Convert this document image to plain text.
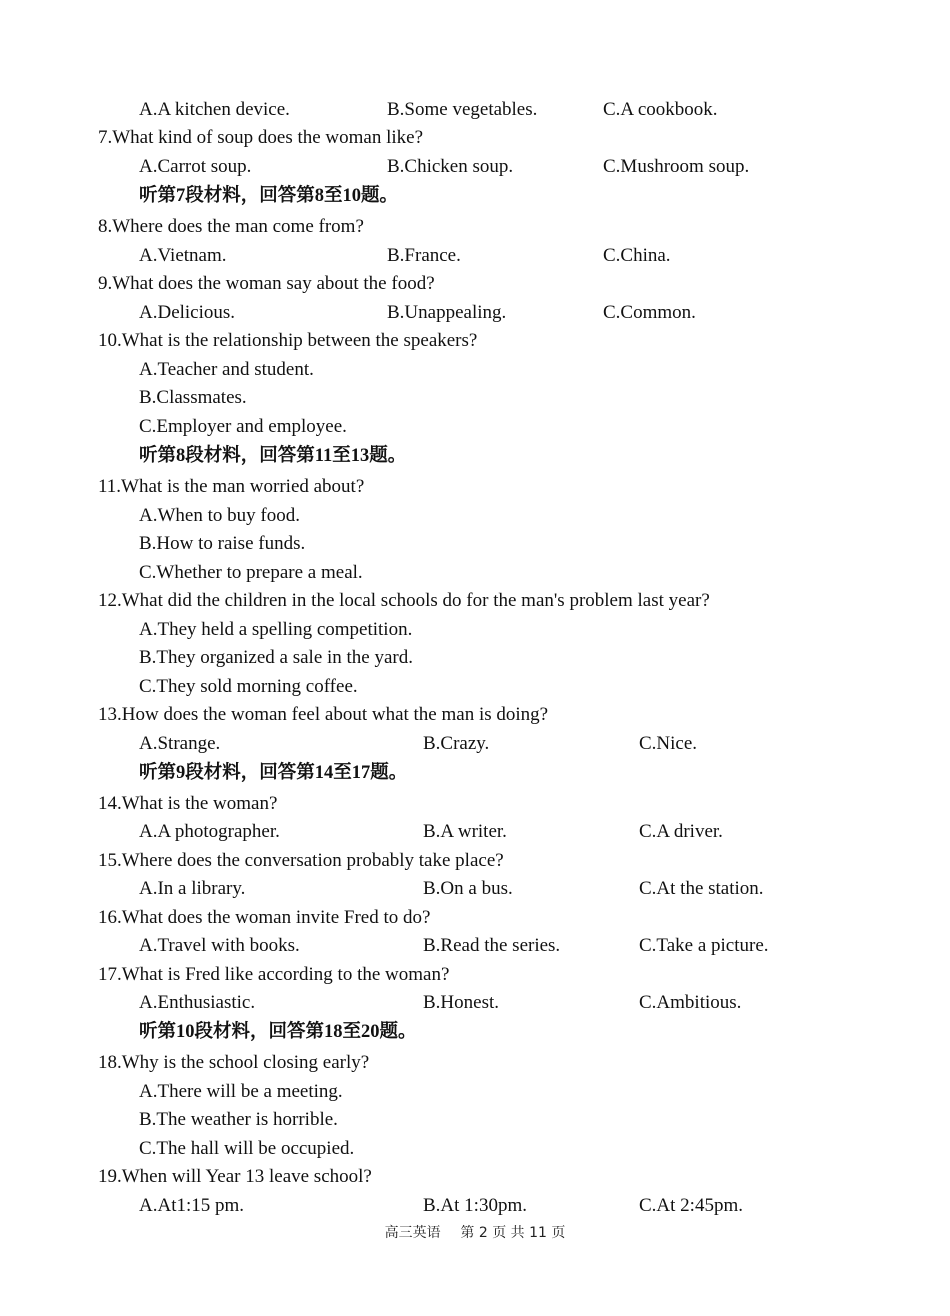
A.A kitchen device.	B.Some vegetables.	C.A cookbook.
7.What kind of soup does the woman like?
A.Carrot soup.	B.Chicken soup.	C.Mushroom soup.
听第7段材料，回答第8至10题。
8.Where does the man come from?
A.Vietnam.	B.France.	C.China.
9.What does the woman say about the food?
A.Delicious.	B.Unappealing.	C.Common.
10.What is the relationship between the speakers?
A.Teacher and student.
B.Classmates.
C.Employer and employee.
听第8段材料，回答第11至13题。
11.What is the man worried about?
A.When to buy food.
B.How to raise funds.
C.Whether to prepare a meal.
12.What did the children in the local schools do for the man's problem last year?
A.They held a spelling competition.
B.They organized a sale in the yard.
C.They sold morning coffee.
13.How does the woman feel about what the man is doing?
A.Strange.	B.Crazy.	C.Nice.
听第9段材料，回答第14至17题。
14.What is the woman?
A.A photographer.	B.A writer.	C.A driver.
15.Where does the conversation probably take place?
A.In a library.	B.On a bus.	C.At the station.
16.What does the woman invite Fred to do?
A.Travel with books.	B.Read the series.	C.Take a picture.
17.What is Fred like according to the woman?
A.Enthusiastic.	B.Honest.	C.Ambitious.
听第10段材料，回答第18至20题。
18.Why is the school closing early?
A.There will be a meeting.
B.The weather is horrible.
C.The hall will be occupied.
19.When will Year 13 leave school?
A.At1:15 pm.	B.At 1:30pm.	C.At 2:45pm.
高三英语 第 2 页 共 11 页
